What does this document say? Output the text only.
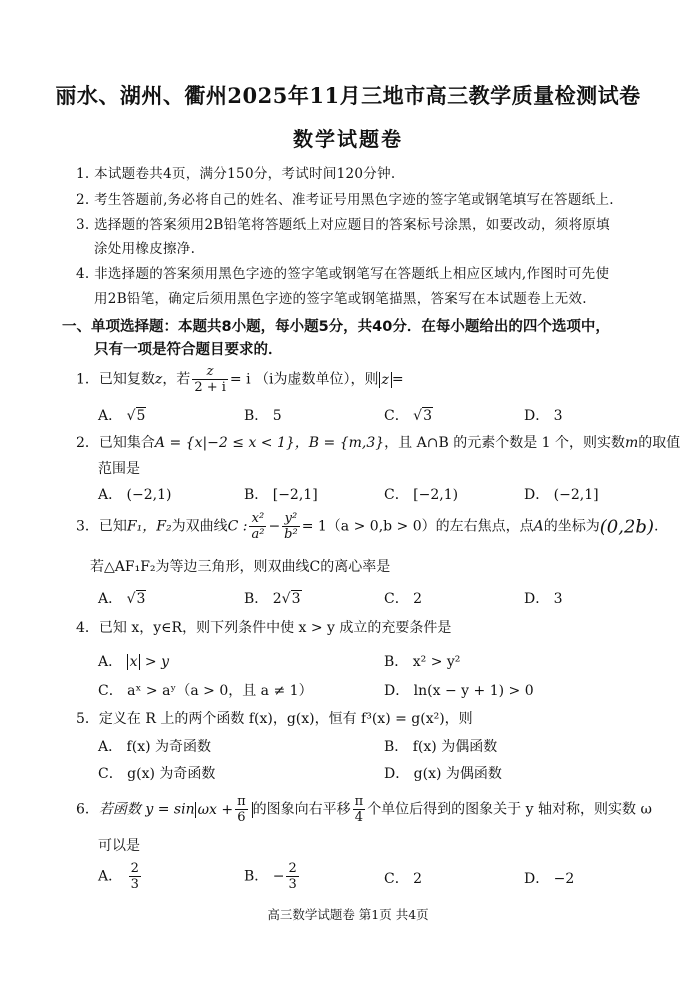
丽水、湖州、衢州2025年11月三地市高三教学质量检测试卷
数学试题卷
1. 本试题卷共4页，满分150分，考试时间120分钟.
2. 考生答题前,务必将自己的姓名、准考证号用黑色字迹的签字笔或钢笔填写在答题纸上.
3. 选择题的答案须用2B铅笔将答题纸上对应题目的答案标号涂黑，如要改动，须将原填
涂处用橡皮擦净.
4. 非选择题的答案须用黑色字迹的签字笔或钢笔写在答题纸上相应区域内,作图时可先使
用2B铅笔，确定后须用黑色字迹的签字笔或钢笔描黑，答案写在本试题卷上无效.
一、单项选择题：本题共8小题，每小题5分，共40分．在每小题给出的四个选项中，
只有一项是符合题目要求的．
1．已知复数z，若 $\frac{z}{2 + i} = i$ （i为虚数单位），则 z =
A． √5	B． 5	C． √3	D． 3
2．已知集合A = {x|−2 ≤ x < 1}，B = {m,3}，且 A∩B 的元素个数是 1 个，则实数m的取值
范围是
A． (−2,1)	B． [−2,1]	C． [−2,1)	D． (−2,1]
3．已知F₁，F₂为双曲线C : $\frac{\text{x²}}{\text{a²}} - \frac{\text{y²}}{\text{b²}} = 1(a > 0,b > 0)$的左右焦点，点A的坐标为(0,2b).
若△AF₁F₂为等边三角形，则双曲线C的离心率是
A． √3	B． 2√3	C． 2	D． 3
4．已知 x，y∈R，则下列条件中使 x > y 成立的充要条件是
A． x > y	B． x² > y²
C． aˣ > aʸ（a > 0，且 a ≠ 1）	D． ln(x − y + 1) > 0
5．定义在 R 上的两个函数 f(x)，g(x)，恒有 f³(x) = g(x²)，则
A． f(x) 为奇函数	B． f(x) 为偶函数
C． g(x) 为奇函数	D． g(x) 为偶函数
6．若函数 $y = \sin \omega x + \frac{\pi}{6}$ 的图象向右平移 $\frac{\pi}{4}$ 个单位后得到的图象关于 y 轴对称，则实数 ω
可以是
A． $\frac{2}{3}$	B． − $\frac{2}{3}$	C． 2	D． −2
高三数学试题卷 第1页 共4页
